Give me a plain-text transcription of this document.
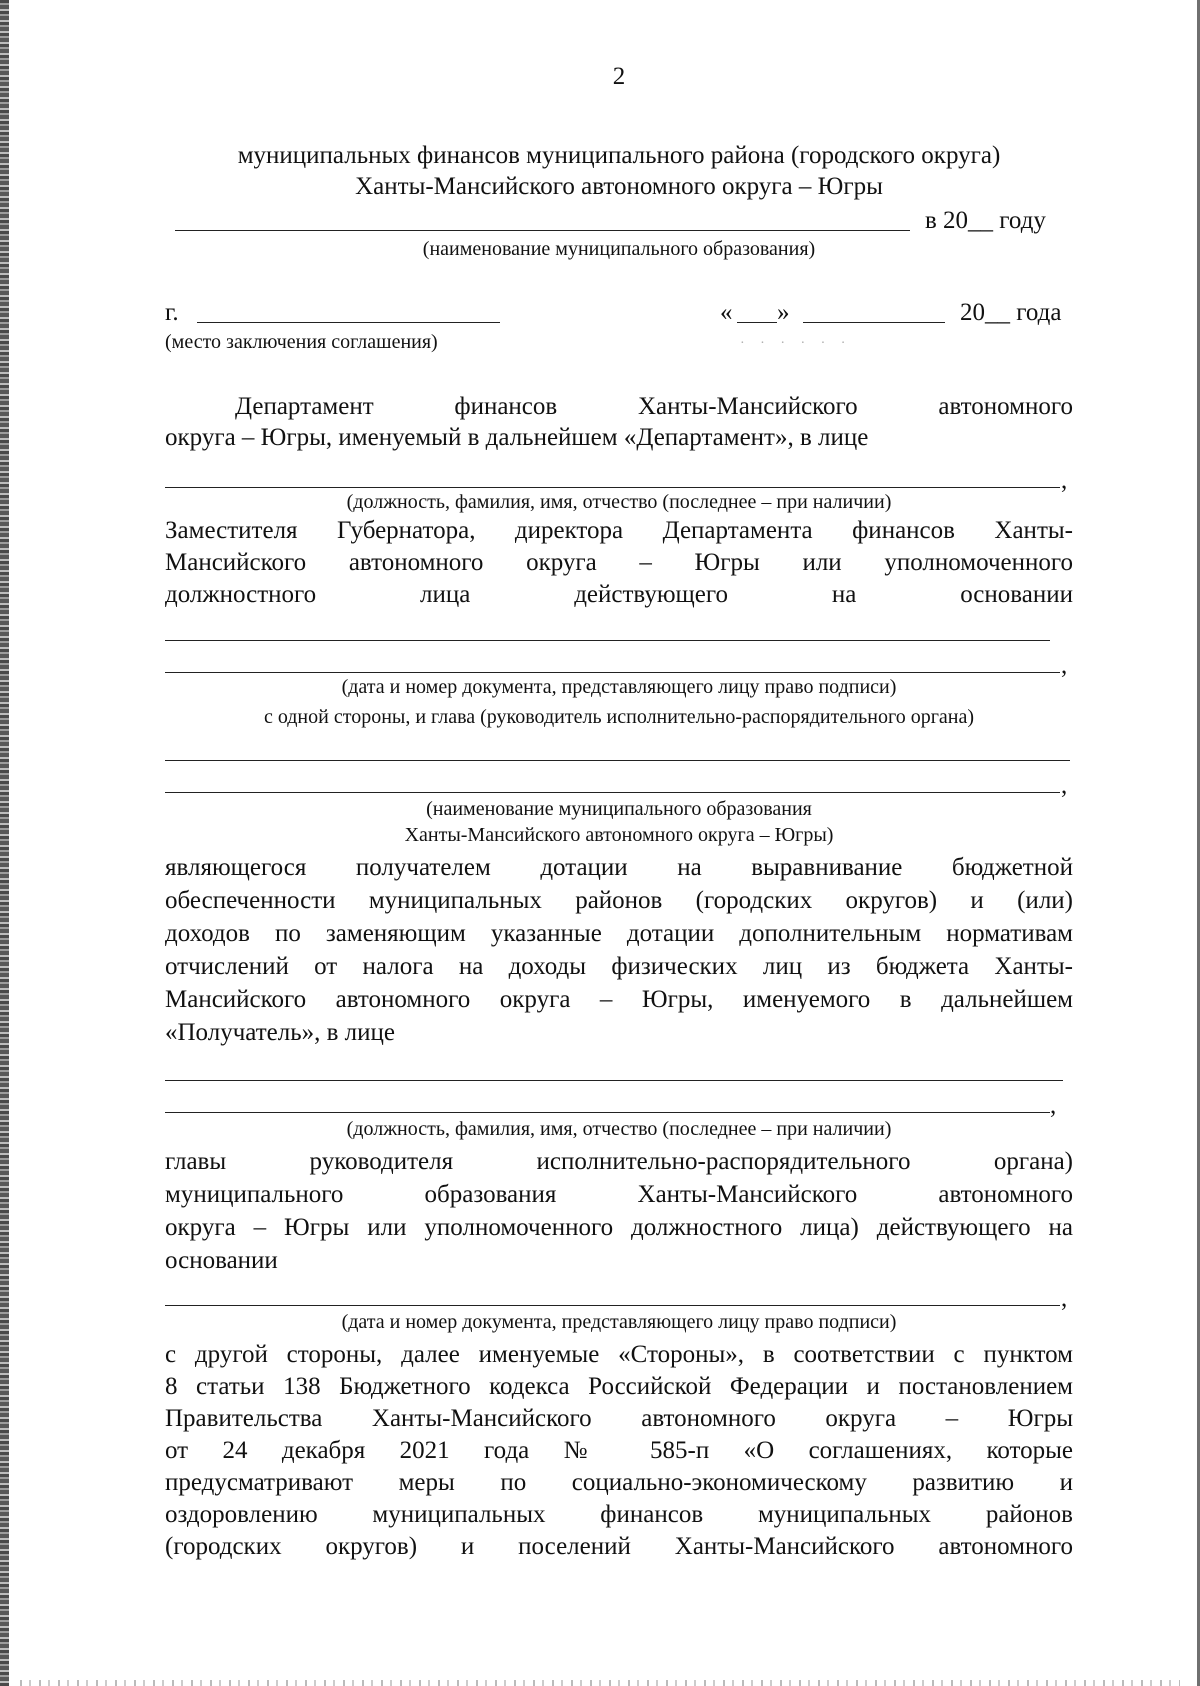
2
муниципальных финансов муниципального района (городского округа)
Ханты-Мансийского автономного округа – Югры
в 20__ году
(наименование муниципального образования)
г.
(место заключения соглашения)
« »	20__ года
· · · · · ·
Департамент	финансов	Ханты-Мансийского	автономного
округа – Югры, именуемый в дальнейшем «Департамент», в лице
,
(должность, фамилия, имя, отчество (последнее – при наличии)
Заместителя Губернатора, директора Департамента финансов Ханты-
Мансийского автономного округа – Югры или уполномоченного
должностного лица действующего на основании
,
(дата и номер документа, представляющего лицу право подписи)
с одной стороны, и глава (руководитель исполнительно-распорядительного органа)
,
(наименование муниципального образования
Ханты-Мансийского автономного округа – Югры)
являющегося получателем дотации на выравнивание бюджетной
обеспеченности муниципальных районов (городских округов) и (или)
доходов по заменяющим указанные дотации дополнительным нормативам
отчислений от налога на доходы физических лиц из бюджета Ханты-
Мансийского автономного округа – Югры, именуемого в дальнейшем
«Получатель», в лице
,
(должность, фамилия, имя, отчество (последнее – при наличии)
главы руководителя исполнительно-распорядительного органа)
муниципального образования Ханты-Мансийского автономного
округа – Югры или уполномоченного должностного лица) действующего на
основании
,
(дата и номер документа, представляющего лицу право подписи)
с другой стороны, далее именуемые «Стороны», в соответствии с пунктом
8 статьи 138 Бюджетного кодекса Российской Федерации и постановлением
Правительства Ханты-Мансийского автономного округа – Югры
от 24 декабря 2021 года № 585-п «О соглашениях, которые
предусматривают меры по социально-экономическому развитию и
оздоровлению муниципальных финансов муниципальных районов
(городских округов) и поселений Ханты-Мансийского автономного
